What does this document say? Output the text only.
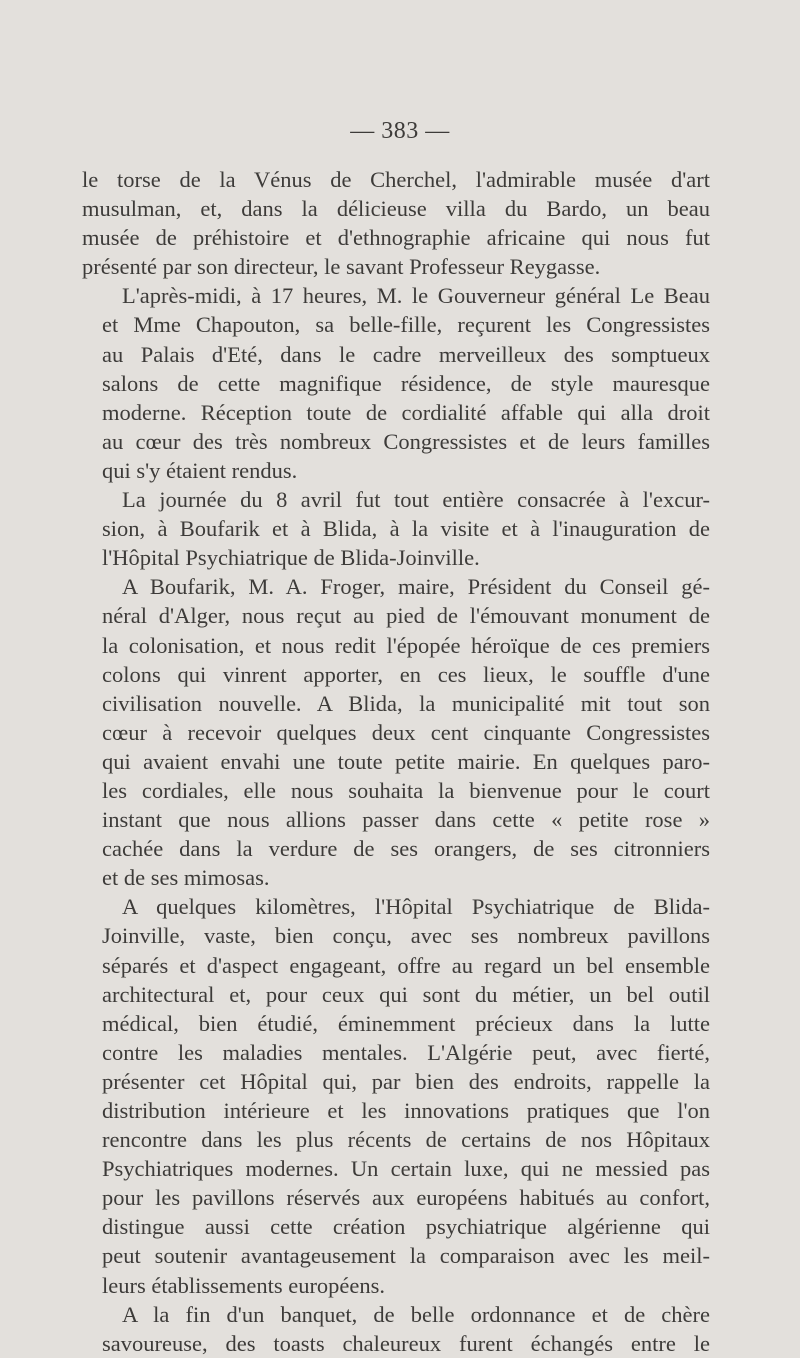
— 383 —

le torse de la Vénus de Cherchel, l'admirable musée d'art
musulman, et, dans la délicieuse villa du Bardo, un beau
musée de préhistoire et d'ethnographie africaine qui nous fut
présenté par son directeur, le savant Professeur Reygasse.

L'après-midi, à 17 heures, M. le Gouverneur général Le Beau
et Mme Chapouton, sa belle-fille, reçurent les Congressistes
au Palais d'Eté, dans le cadre merveilleux des somptueux
salons de cette magnifique résidence, de style mauresque
moderne. Réception toute de cordialité affable qui alla droit
au cœur des très nombreux Congressistes et de leurs familles
qui s'y étaient rendus.

La journée du 8 avril fut tout entière consacrée à l'excur-
sion, à Boufarik et à Blida, à la visite et à l'inauguration de
l'Hôpital Psychiatrique de Blida-Joinville.

A Boufarik, M. A. Froger, maire, Président du Conseil gé-
néral d'Alger, nous reçut au pied de l'émouvant monument de
la colonisation, et nous redit l'épopée héroïque de ces premiers
colons qui vinrent apporter, en ces lieux, le souffle d'une
civilisation nouvelle. A Blida, la municipalité mit tout son
cœur à recevoir quelques deux cent cinquante Congressistes
qui avaient envahi une toute petite mairie. En quelques paro-
les cordiales, elle nous souhaita la bienvenue pour le court
instant que nous allions passer dans cette « petite rose »
cachée dans la verdure de ses orangers, de ses citronniers
et de ses mimosas.

A quelques kilomètres, l'Hôpital Psychiatrique de Blida-
Joinville, vaste, bien conçu, avec ses nombreux pavillons
séparés et d'aspect engageant, offre au regard un bel ensemble
architectural et, pour ceux qui sont du métier, un bel outil
médical, bien étudié, éminemment précieux dans la lutte
contre les maladies mentales. L'Algérie peut, avec fierté,
présenter cet Hôpital qui, par bien des endroits, rappelle la
distribution intérieure et les innovations pratiques que l'on
rencontre dans les plus récents de certains de nos Hôpitaux
Psychiatriques modernes. Un certain luxe, qui ne messied pas
pour les pavillons réservés aux européens habitués au confort,
distingue aussi cette création psychiatrique algérienne qui
peut soutenir avantageusement la comparaison avec les meil-
leurs établissements européens.

A la fin d'un banquet, de belle ordonnance et de chère
savoureuse, des toasts chaleureux furent échangés entre le
